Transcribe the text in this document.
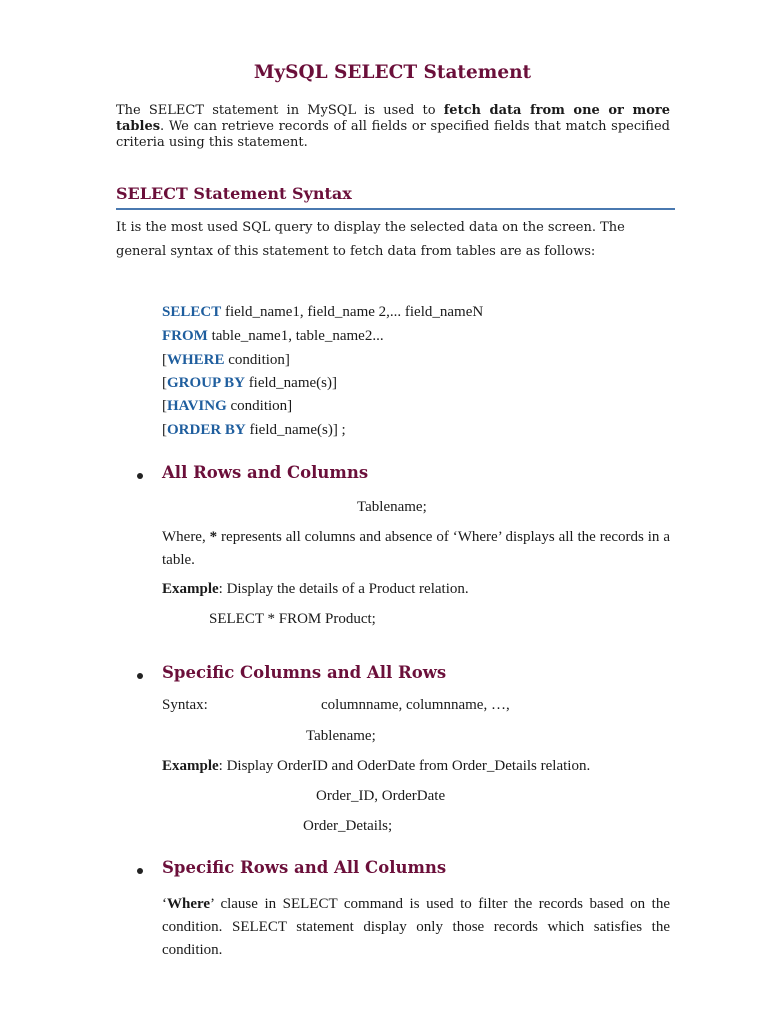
MySQL SELECT Statement
The SELECT statement in MySQL is used to fetch data from one or more tables. We can retrieve records of all fields or specified fields that match specified criteria using this statement.
SELECT Statement Syntax
It is the most used SQL query to display the selected data on the screen. The general syntax of this statement to fetch data from tables are as follows:
SELECT field_name1, field_name 2,... field_nameN
FROM table_name1, table_name2...
[WHERE condition]
[GROUP BY field_name(s)]
[HAVING condition]
[ORDER BY field_name(s)] ;
All Rows and Columns
Tablename;
Where, * represents all columns and absence of ‘Where’ displays all the records in a table.
Example: Display the details of a Product relation.
SELECT * FROM Product;
Specific Columns and All Rows
Syntax:	columnname, columnname, …,
Tablename;
Example: Display OrderID and OderDate from Order_Details relation.
Order_ID, OrderDate
Order_Details;
Specific Rows and All Columns
‘Where’ clause in SELECT command is used to filter the records based on the condition. SELECT statement display only those records which satisfies the condition.
